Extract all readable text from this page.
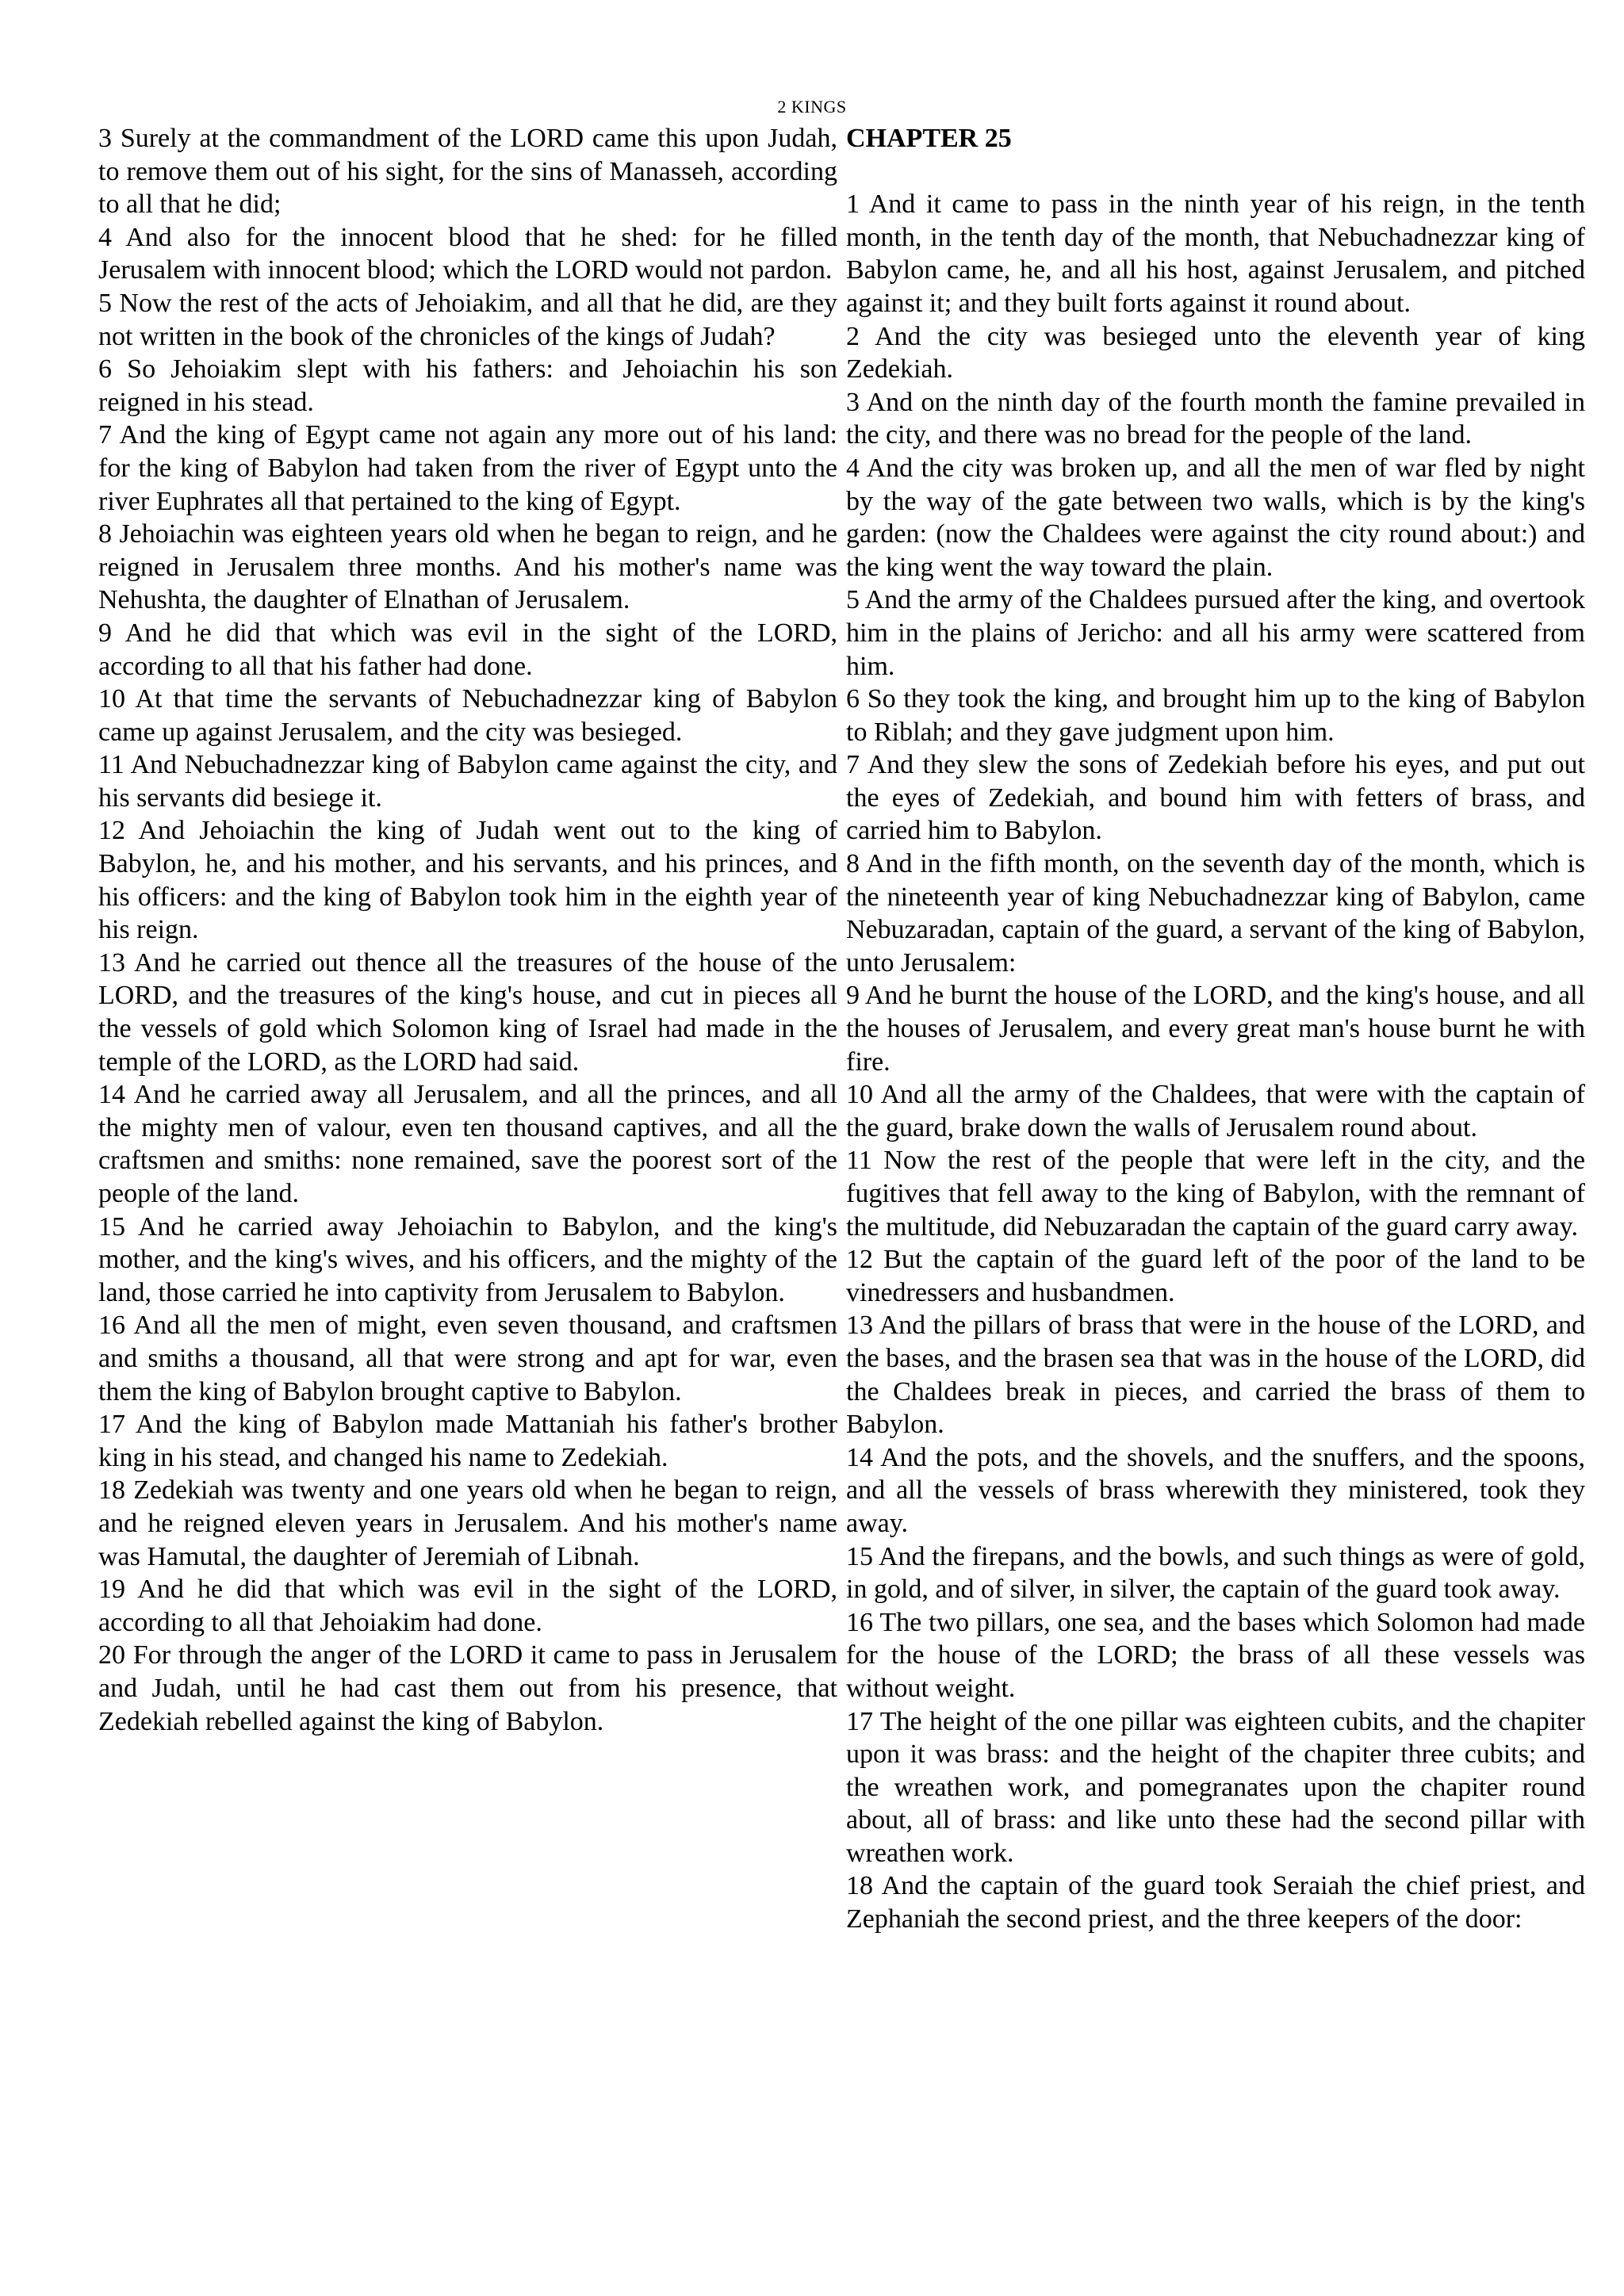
2 KINGS

3 Surely at the commandment of the LORD came this upon Judah, to remove them out of his sight, for the sins of Manasseh, according to all that he did;

4 And also for the innocent blood that he shed: for he filled Jerusalem with innocent blood; which the LORD would not pardon.

5 Now the rest of the acts of Jehoiakim, and all that he did, are they not written in the book of the chronicles of the kings of Judah?

6 So Jehoiakim slept with his fathers: and Jehoiachin his son reigned in his stead.

7 And the king of Egypt came not again any more out of his land: for the king of Babylon had taken from the river of Egypt unto the river Euphrates all that pertained to the king of Egypt.

8 Jehoiachin was eighteen years old when he began to reign, and he reigned in Jerusalem three months. And his mother's name was Nehushta, the daughter of Elnathan of Jerusalem.

9 And he did that which was evil in the sight of the LORD, according to all that his father had done.

10 At that time the servants of Nebuchadnezzar king of Babylon came up against Jerusalem, and the city was besieged.

11 And Nebuchadnezzar king of Babylon came against the city, and his servants did besiege it.

12 And Jehoiachin the king of Judah went out to the king of Babylon, he, and his mother, and his servants, and his princes, and his officers: and the king of Babylon took him in the eighth year of his reign.

13 And he carried out thence all the treasures of the house of the LORD, and the treasures of the king's house, and cut in pieces all the vessels of gold which Solomon king of Israel had made in the temple of the LORD, as the LORD had said.

14 And he carried away all Jerusalem, and all the princes, and all the mighty men of valour, even ten thousand captives, and all the craftsmen and smiths: none remained, save the poorest sort of the people of the land.

15 And he carried away Jehoiachin to Babylon, and the king's mother, and the king's wives, and his officers, and the mighty of the land, those carried he into captivity from Jerusalem to Babylon.

16 And all the men of might, even seven thousand, and craftsmen and smiths a thousand, all that were strong and apt for war, even them the king of Babylon brought captive to Babylon.

17 And the king of Babylon made Mattaniah his father's brother king in his stead, and changed his name to Zedekiah.

18 Zedekiah was twenty and one years old when he began to reign, and he reigned eleven years in Jerusalem. And his mother's name was Hamutal, the daughter of Jeremiah of Libnah.

19 And he did that which was evil in the sight of the LORD, according to all that Jehoiakim had done.

20 For through the anger of the LORD it came to pass in Jerusalem and Judah, until he had cast them out from his presence, that Zedekiah rebelled against the king of Babylon.

CHAPTER 25

1 And it came to pass in the ninth year of his reign, in the tenth month, in the tenth day of the month, that Nebuchadnezzar king of Babylon came, he, and all his host, against Jerusalem, and pitched against it; and they built forts against it round about.

2 And the city was besieged unto the eleventh year of king Zedekiah.

3 And on the ninth day of the fourth month the famine prevailed in the city, and there was no bread for the people of the land.

4 And the city was broken up, and all the men of war fled by night by the way of the gate between two walls, which is by the king's garden: (now the Chaldees were against the city round about:) and the king went the way toward the plain.

5 And the army of the Chaldees pursued after the king, and overtook him in the plains of Jericho: and all his army were scattered from him.

6 So they took the king, and brought him up to the king of Babylon to Riblah; and they gave judgment upon him.

7 And they slew the sons of Zedekiah before his eyes, and put out the eyes of Zedekiah, and bound him with fetters of brass, and carried him to Babylon.

8 And in the fifth month, on the seventh day of the month, which is the nineteenth year of king Nebuchadnezzar king of Babylon, came Nebuzaradan, captain of the guard, a servant of the king of Babylon, unto Jerusalem:

9 And he burnt the house of the LORD, and the king's house, and all the houses of Jerusalem, and every great man's house burnt he with fire.

10 And all the army of the Chaldees, that were with the captain of the guard, brake down the walls of Jerusalem round about.

11 Now the rest of the people that were left in the city, and the fugitives that fell away to the king of Babylon, with the remnant of the multitude, did Nebuzaradan the captain of the guard carry away.

12 But the captain of the guard left of the poor of the land to be vinedressers and husbandmen.

13 And the pillars of brass that were in the house of the LORD, and the bases, and the brasen sea that was in the house of the LORD, did the Chaldees break in pieces, and carried the brass of them to Babylon.

14 And the pots, and the shovels, and the snuffers, and the spoons, and all the vessels of brass wherewith they ministered, took they away.

15 And the firepans, and the bowls, and such things as were of gold, in gold, and of silver, in silver, the captain of the guard took away.

16 The two pillars, one sea, and the bases which Solomon had made for the house of the LORD; the brass of all these vessels was without weight.

17 The height of the one pillar was eighteen cubits, and the chapiter upon it was brass: and the height of the chapiter three cubits; and the wreathen work, and pomegranates upon the chapiter round about, all of brass: and like unto these had the second pillar with wreathen work.

18 And the captain of the guard took Seraiah the chief priest, and Zephaniah the second priest, and the three keepers of the door:
